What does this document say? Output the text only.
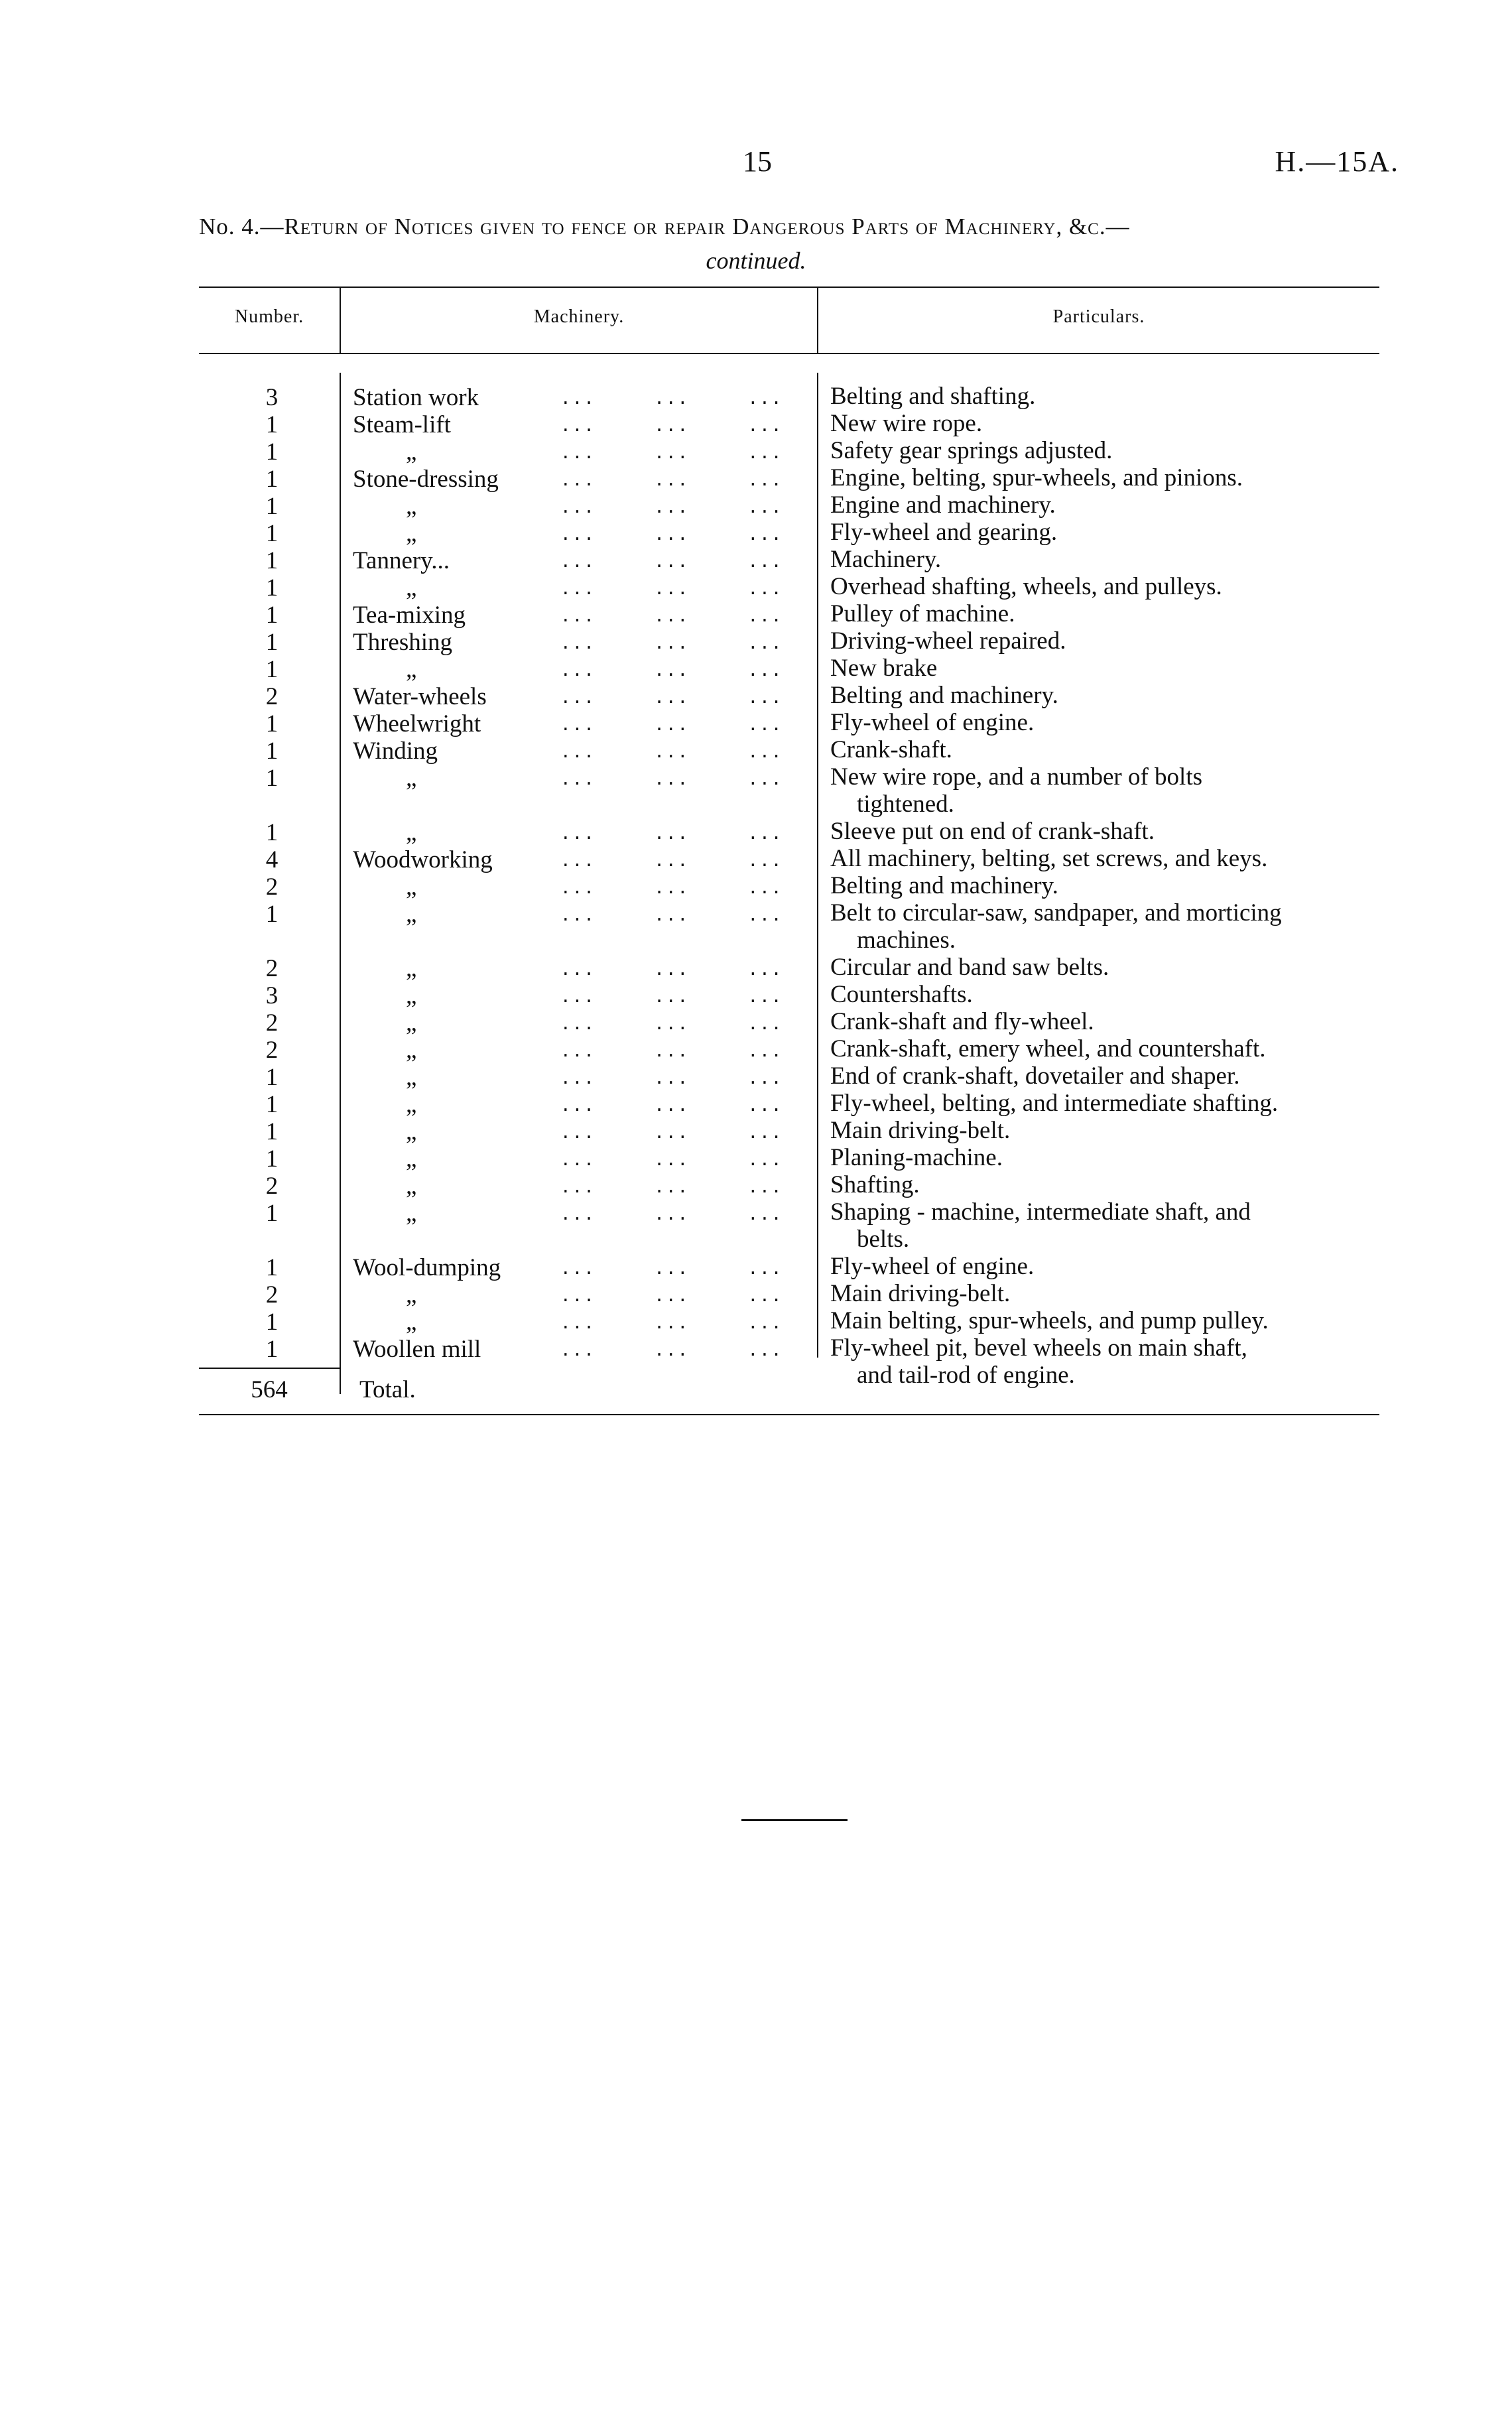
15	H.—15A.
No. 4.—Return of Notices given to fence or repair Dangerous Parts of Machinery, &c.—
continued.
Number.	Machinery.	Particulars.
3	Station work	...     ...     ...	Belting and shafting.
1	Steam-lift	...     ...     ...	New wire rope.
1	„	...     ...     ...	Safety gear springs adjusted.
1	Stone-dressing	...     ...     ...	Engine, belting, spur-wheels, and pinions.
1	„	...     ...     ...	Engine and machinery.
1	„	...     ...     ...	Fly-wheel and gearing.
1	Tannery...	...     ...     ...	Machinery.
1	„	...     ...     ...	Overhead shafting, wheels, and pulleys.
1	Tea-mixing	...     ...     ...	Pulley of machine.
1	Threshing	...     ...     ...	Driving-wheel repaired.
1	„	...     ...     ...	New brake
2	Water-wheels	...     ...     ...	Belting and machinery.
1	Wheelwright	...     ...     ...	Fly-wheel of engine.
1	Winding	...     ...     ...	Crank-shaft.
1	„	...     ...     ...	New wire rope, and a number of bolts
tightened.
1	„	...     ...     ...	Sleeve put on end of crank-shaft.
4	Woodworking	...     ...     ...	All machinery, belting, set screws, and keys.
2	„	...     ...     ...	Belting and machinery.
1	„	...     ...     ...	Belt to circular-saw, sandpaper, and morticing
machines.
2	„	...     ...     ...	Circular and band saw belts.
3	„	...     ...     ...	Countershafts.
2	„	...     ...     ...	Crank-shaft and fly-wheel.
2	„	...     ...     ...	Crank-shaft, emery wheel, and countershaft.
1	„	...     ...     ...	End of crank-shaft, dovetailer and shaper.
1	„	...     ...     ...	Fly-wheel, belting, and intermediate shafting.
1	„	...     ...     ...	Main driving-belt.
1	„	...     ...     ...	Planing-machine.
2	„	...     ...     ...	Shafting.
1	„	...     ...     ...	Shaping - machine, intermediate shaft, and
belts.
1	Wool-dumping	...     ...     ...	Fly-wheel of engine.
2	„	...     ...     ...	Main driving-belt.
1	„	...     ...     ...	Main belting, spur-wheels, and pump pulley.
1	Woollen mill	...     ...     ...	Fly-wheel pit, bevel wheels on main shaft,
and tail-rod of engine.
564	Total.
